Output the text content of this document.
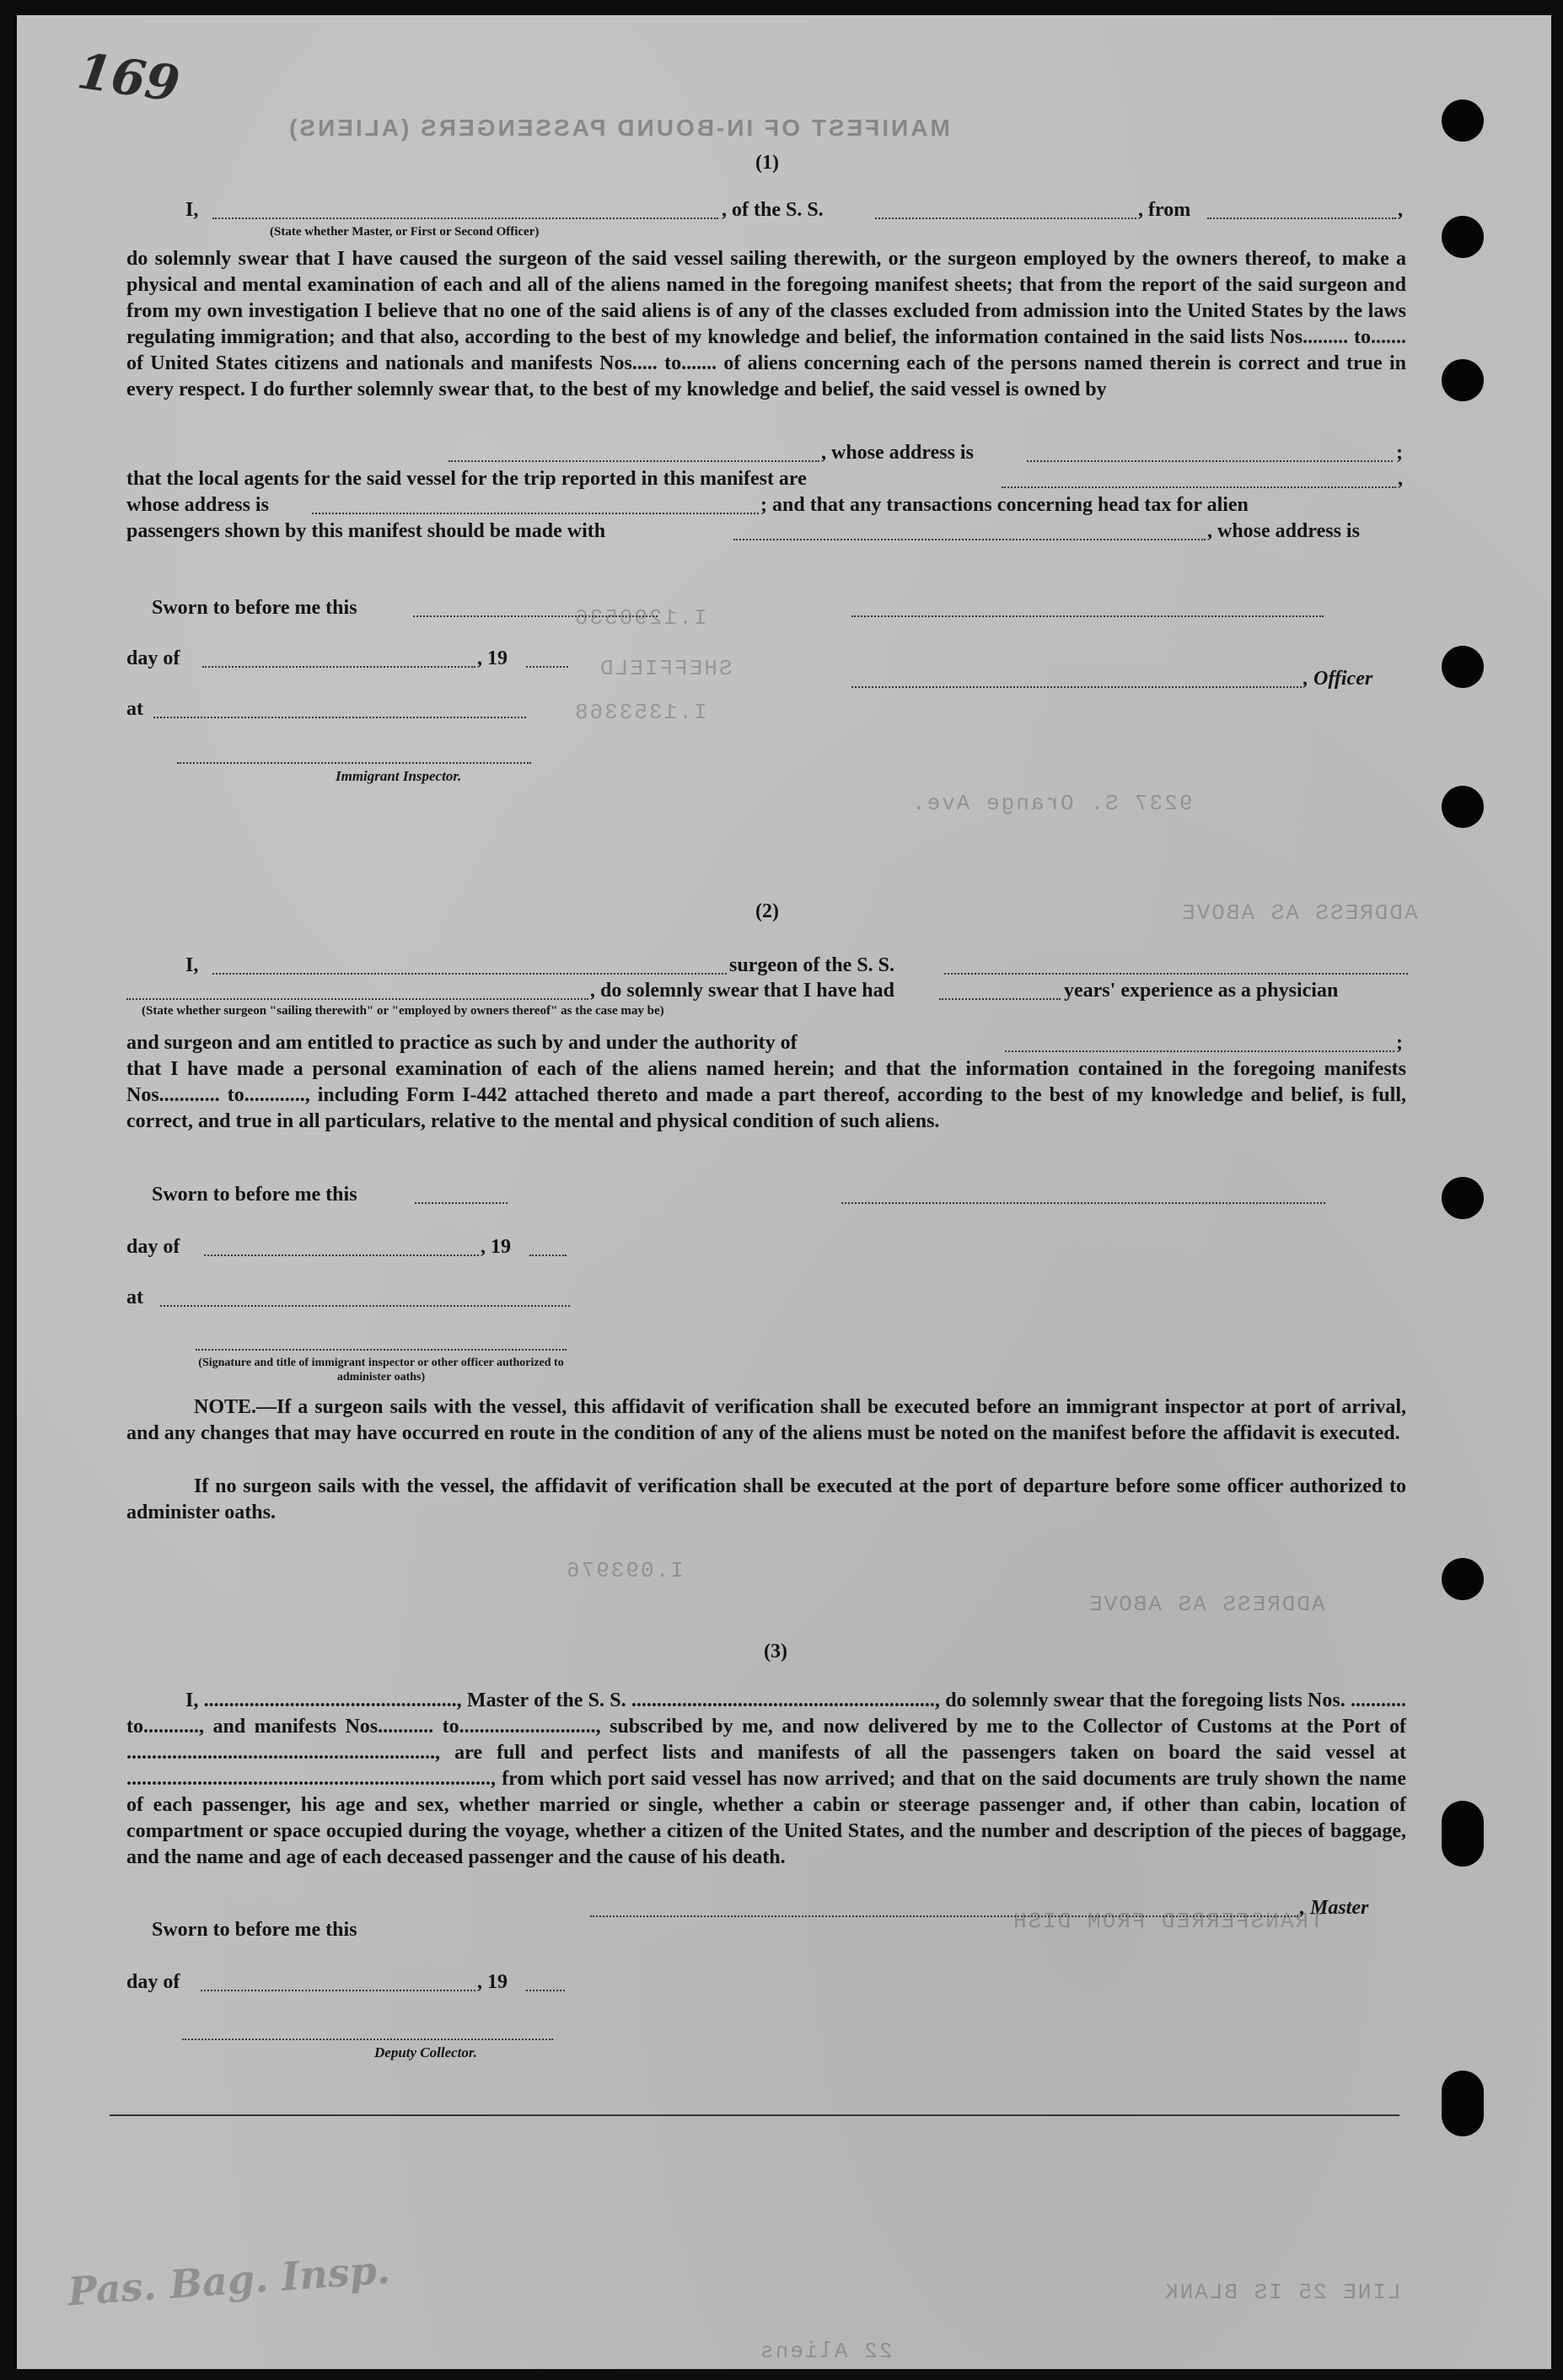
MANIFEST OF IN-BOUND PASSENGERS (ALIENS)
I.1290536
SHEFFIELD
I.1353368
9237 S. Orange Ave.
ADDRESS AS ABOVE
I.093976
ADDRESS AS ABOVE
TRANSFERRED FROM DISH
LINE 25 IS BLANK
22 Aliens
169
(1)
I,	, of the S. S.	, from	,
(State whether Master, or First or Second Officer)

do solemnly swear that I have caused the surgeon of the said vessel sailing therewith, or the surgeon employed by the owners thereof, to make a physical and mental examination of each and all of the aliens named in the foregoing manifest sheets; that from the report of the said surgeon and from my own investigation I believe that no one of the said aliens is of any of the classes excluded from admission into the United States by the laws regulating immigration; and that also, according to the best of my knowledge and belief, the information contained in the said lists Nos......... to....... of United States citizens and nationals and manifests Nos..... to....... of aliens concerning each of the persons named therein is correct and true in every respect. I do further solemnly swear that, to the best of my knowledge and belief, the said vessel is owned by

, whose address is	;
that the local agents for the said vessel for the trip reported in this manifest are	,
whose address is	; and that any transactions concerning head tax for alien
passengers shown by this manifest should be made with	, whose address is
Sworn to before me this
day of	, 19
, Officer
at
Immigrant Inspector.
(2)
I,	surgeon of the S. S.
, do solemnly swear that I have had	years' experience as a physician
(State whether surgeon "sailing therewith" or "employed by owners thereof" as the case may be)
and surgeon and am entitled to practice as such by and under the authority of	;

that I have made a personal examination of each of the aliens named herein; and that the information contained in the foregoing manifests Nos............ to............, including Form I-442 attached thereto and made a part thereof, according to the best of my knowledge and belief, is full, correct, and true in all particulars, relative to the mental and physical condition of such aliens.

Sworn to before me this
day of	, 19
at
(Signature and title of immigrant inspector or other officer authorized to administer oaths)

NOTE.—If a surgeon sails with the vessel, this affidavit of verification shall be executed before an immigrant inspector at port of arrival, and any changes that may have occurred en route in the condition of any of the aliens must be noted on the manifest before the affidavit is executed.

If no surgeon sails with the vessel, the affidavit of verification shall be executed at the port of departure before some officer authorized to administer oaths.

(3)

I, .................................................., Master of the S. S. ............................................................, do solemnly swear that the foregoing lists Nos. ........... to..........., and manifests Nos........... to..........................., subscribed by me, and now delivered by me to the Collector of Customs at the Port of ............................................................., are full and perfect lists and manifests of all the passengers taken on board the said vessel at ........................................................................, from which port said vessel has now arrived; and that on the said documents are truly shown the name of each passenger, his age and sex, whether married or single, whether a cabin or steerage passenger and, if other than cabin, location of compartment or space occupied during the voyage, whether a citizen of the United States, and the number and description of the pieces of baggage, and the name and age of each deceased passenger and the cause of his death.

, Master
Sworn to before me this
day of	, 19
Deputy Collector.
Pas. Bag. Insp.
